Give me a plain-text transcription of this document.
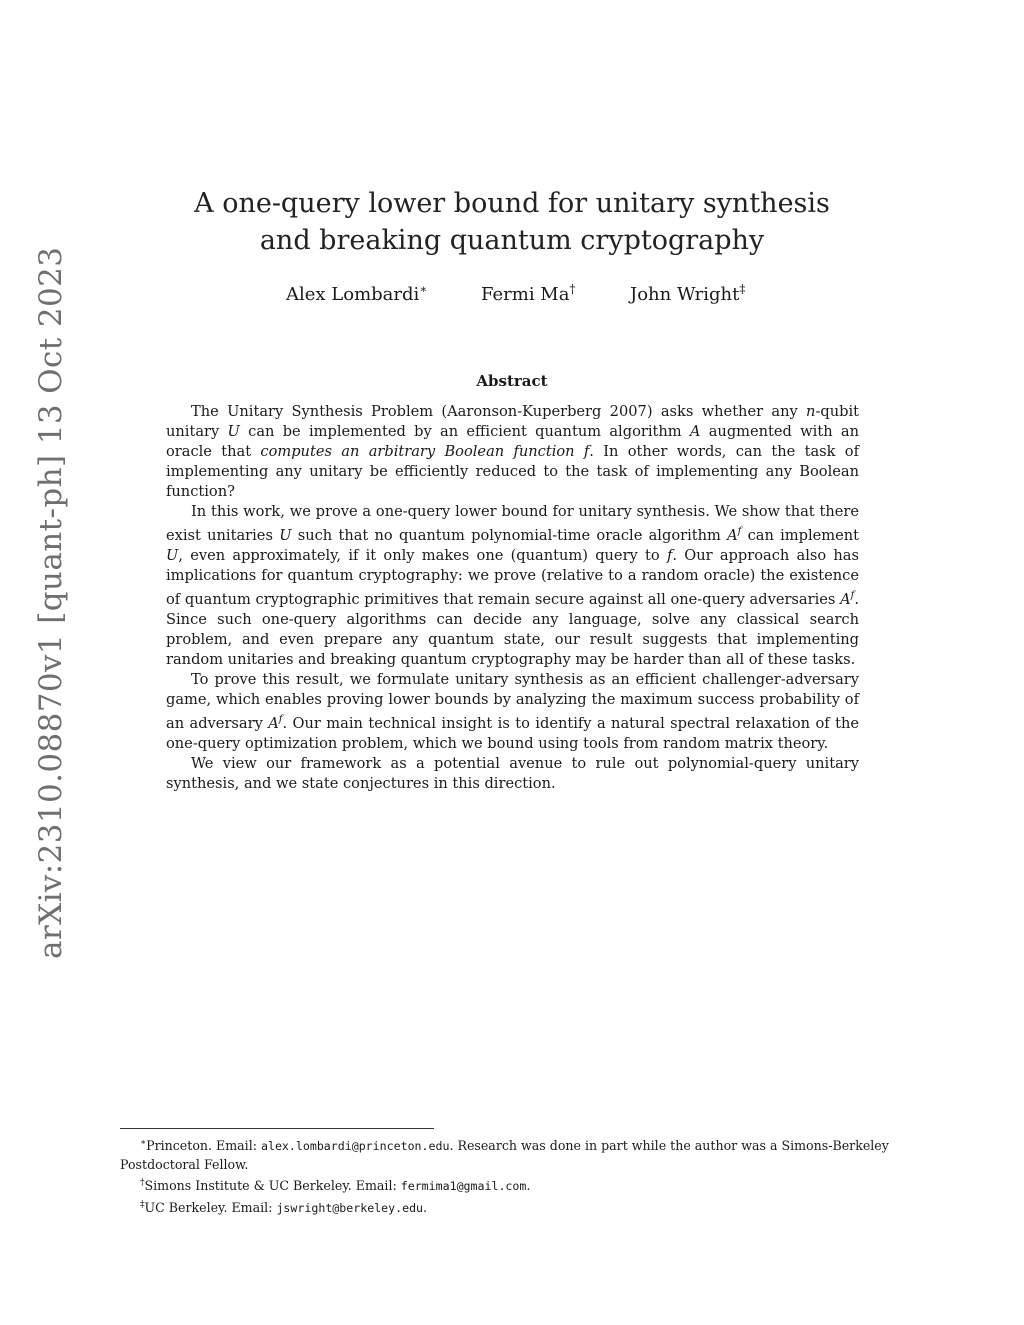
arXiv:2310.08870v1 [quant-ph] 13 Oct 2023
A one-query lower bound for unitary synthesis
and breaking quantum cryptography
Alex Lombardi∗	Fermi Ma†	John Wright‡
Abstract

The Unitary Synthesis Problem (Aaronson-Kuperberg 2007) asks whether any n-qubit unitary U can be implemented by an efficient quantum algorithm A augmented with an oracle that computes an arbitrary Boolean function f. In other words, can the task of implementing any unitary be efficiently reduced to the task of implementing any Boolean function?

In this work, we prove a one-query lower bound for unitary synthesis. We show that there exist unitaries U such that no quantum polynomial-time oracle algorithm $A^f$ can implement U, even approximately, if it only makes one (quantum) query to f. Our approach also has implications for quantum cryptography: we prove (relative to a random oracle) the existence of quantum cryptographic primitives that remain secure against all one-query adversaries $A^f$. Since such one-query algorithms can decide any language, solve any classical search problem, and even prepare any quantum state, our result suggests that implementing random unitaries and breaking quantum cryptography may be harder than all of these tasks.

To prove this result, we formulate unitary synthesis as an efficient challenger-adversary game, which enables proving lower bounds by analyzing the maximum success probability of an adversary $A^f$. Our main technical insight is to identify a natural spectral relaxation of the one-query optimization problem, which we bound using tools from random matrix theory.

We view our framework as a potential avenue to rule out polynomial-query unitary synthesis, and we state conjectures in this direction.

∗Princeton. Email: alex.lombardi@princeton.edu. Research was done in part while the author was a Simons-Berkeley Postdoctoral Fellow.

†Simons Institute & UC Berkeley. Email: fermima1@gmail.com.

‡UC Berkeley. Email: jswright@berkeley.edu.
